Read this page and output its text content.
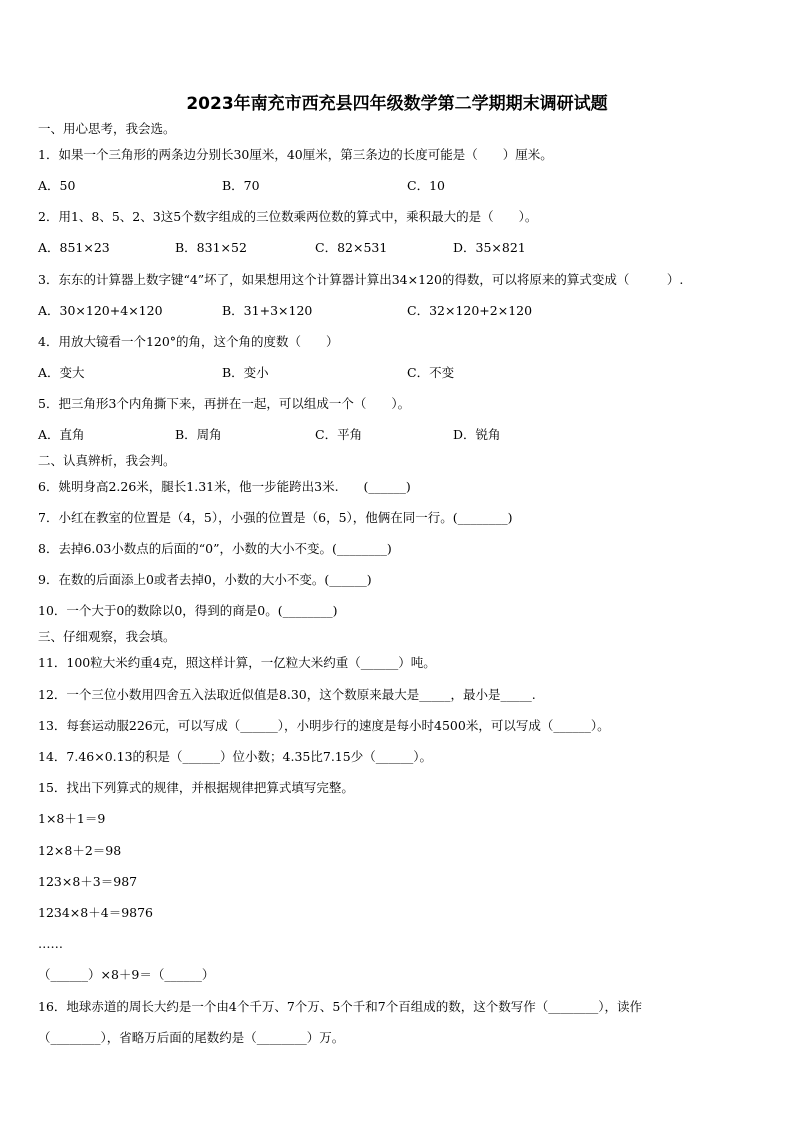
2023年南充市西充县四年级数学第二学期期末调研试题
一、用心思考，我会选。
1．如果一个三角形的两条边分别长30厘米，40厘米，第三条边的长度可能是（　　）厘米。
A．50	B．70	C．10
2．用1、8、5、2、3这5个数字组成的三位数乘两位数的算式中，乘积最大的是（　　）。
A．851×23	B．831×52	C．82×531	D．35×821
3．东东的计算器上数字键“4”坏了，如果想用这个计算器计算出34×120的得数，可以将原来的算式变成（　　　）.
A．30×120+4×120	B．31+3×120	C．32×120+2×120
4．用放大镜看一个120°的角，这个角的度数（　　）
A．变大	B．变小	C．不变
5．把三角形3个内角撕下来，再拼在一起，可以组成一个（　　）。
A．直角	B．周角	C．平角	D．锐角
二、认真辨析，我会判。
6．姚明身高2.26米，腿长1.31米，他一步能跨出3米.　　(______)
7．小红在教室的位置是（4，5），小强的位置是（6，5），他俩在同一行。(________)
8．去掉6.03小数点的后面的“0”，小数的大小不变。(________)
9．在数的后面添上0或者去掉0，小数的大小不变。(______)
10．一个大于0的数除以0，得到的商是0。(________)
三、仔细观察，我会填。
11．100粒大米约重4克，照这样计算，一亿粒大米约重（______）吨。
12．一个三位小数用四舍五入法取近似值是8.30，这个数原来最大是_____，最小是_____.
13．每套运动服226元，可以写成（______），小明步行的速度是每小时4500米，可以写成（______）。
14．7.46×0.13的积是（______）位小数；4.35比7.15少（______）。
15．找出下列算式的规律，并根据规律把算式填写完整。
1×8＋1＝9
12×8＋2＝98
123×8＋3＝987
1234×8＋4＝9876
……
（______）×8＋9＝（______）
16．地球赤道的周长大约是一个由4个千万、7个万、5个千和7个百组成的数，这个数写作（________），读作
（________），省略万后面的尾数约是（________）万。
